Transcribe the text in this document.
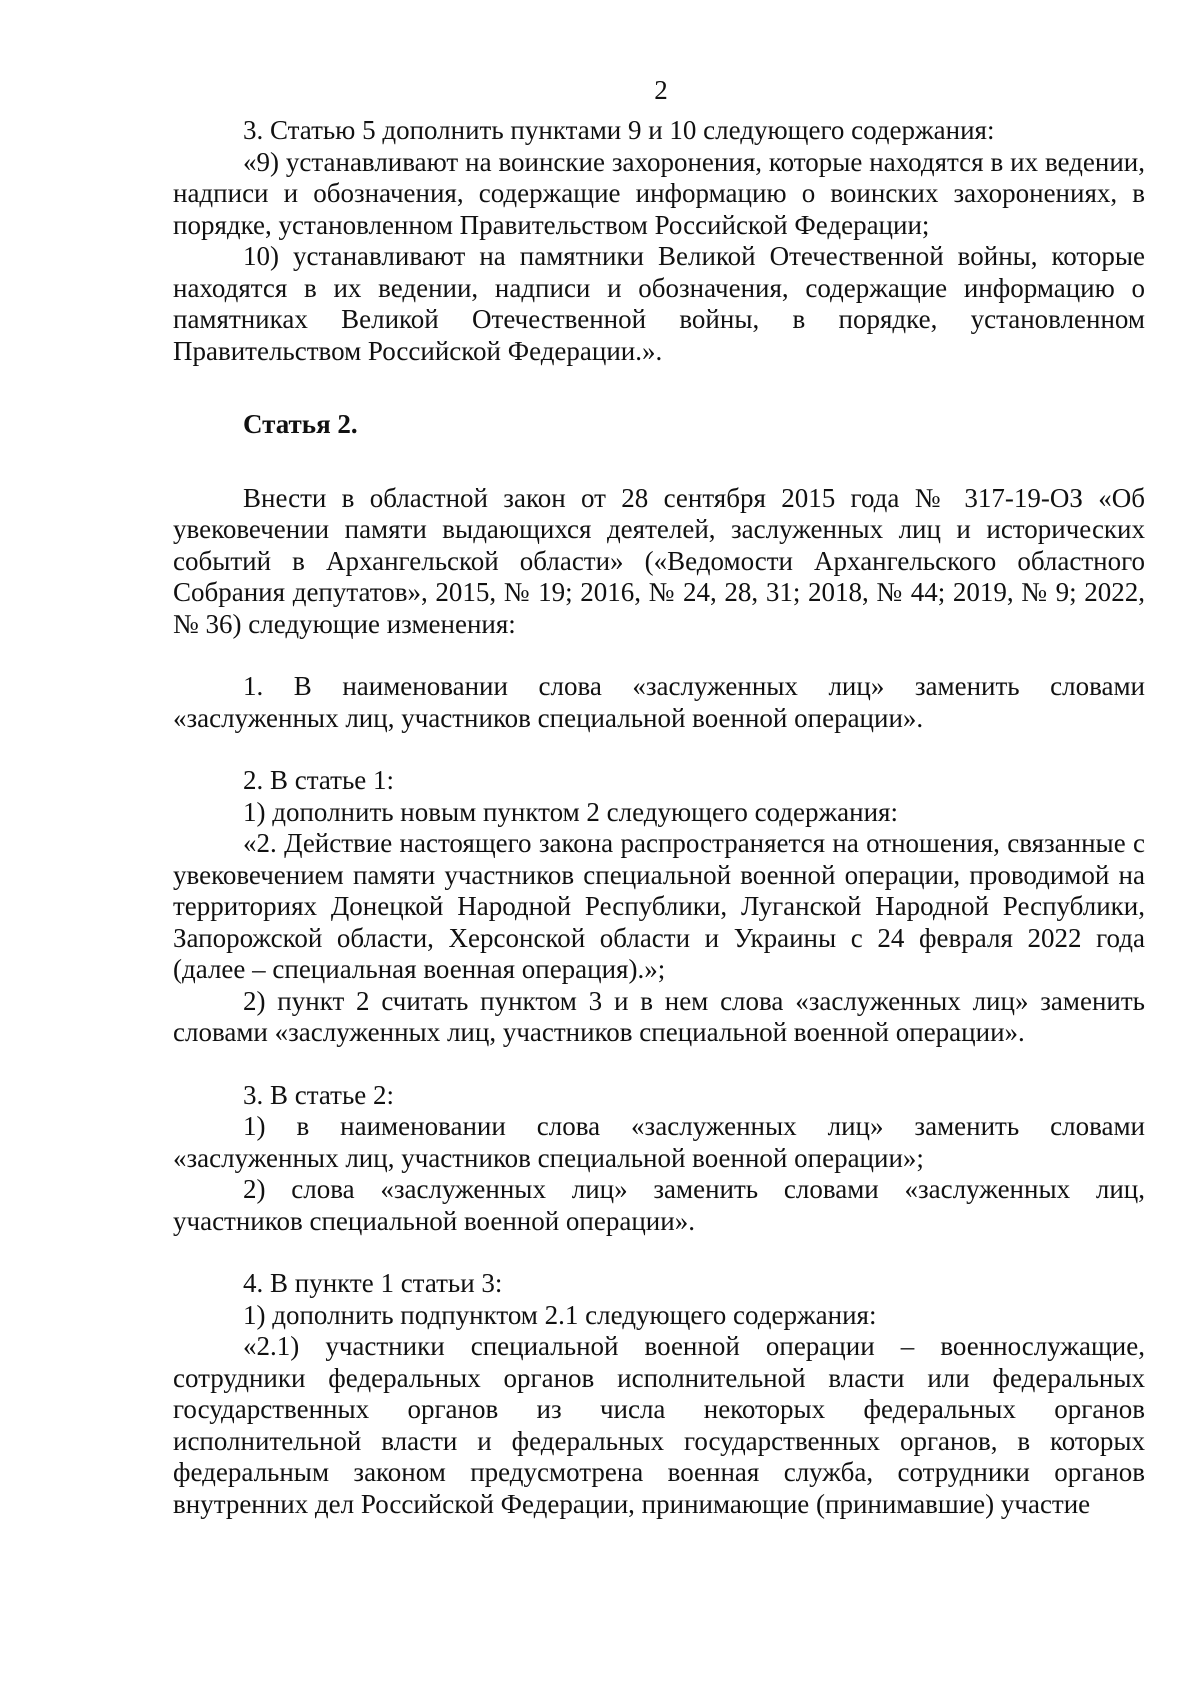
2

3. Статью 5 дополнить пунктами 9 и 10 следующего содержания:

«9) устанавливают на воинские захоронения, которые находятся в их ведении, надписи и обозначения, содержащие информацию о воинских захоронениях, в порядке, установленном Правительством Российской Федерации;

10) устанавливают на памятники Великой Отечественной войны, которые находятся в их ведении, надписи и обозначения, содержащие информацию о памятниках Великой Отечественной войны, в порядке, установленном Правительством Российской Федерации.».

Статья 2.

Внести в областной закон от 28 сентября 2015 года № 317-19-ОЗ «Об увековечении памяти выдающихся деятелей, заслуженных лиц и исторических событий в Архангельской области» («Ведомости Архангельского областного Собрания депутатов», 2015, № 19; 2016, № 24, 28, 31; 2018, № 44; 2019, № 9; 2022, № 36) следующие изменения:

1. В наименовании слова «заслуженных лиц» заменить словами «заслуженных лиц, участников специальной военной операции».

2. В статье 1:

1) дополнить новым пунктом 2 следующего содержания:

«2. Действие настоящего закона распространяется на отношения, связанные с увековечением памяти участников специальной военной операции, проводимой на территориях Донецкой Народной Республики, Луганской Народной Республики, Запорожской области, Херсонской области и Украины с 24 февраля 2022 года (далее – специальная военная операция).»;

2) пункт 2 считать пунктом 3 и в нем слова «заслуженных лиц» заменить словами «заслуженных лиц, участников специальной военной операции».

3. В статье 2:

1) в наименовании слова «заслуженных лиц» заменить словами «заслуженных лиц, участников специальной военной операции»;

2) слова «заслуженных лиц» заменить словами «заслуженных лиц, участников специальной военной операции».

4. В пункте 1 статьи 3:

1) дополнить подпунктом 2.1 следующего содержания:

«2.1) участники специальной военной операции – военнослужащие, сотрудники федеральных органов исполнительной власти или федеральных государственных органов из числа некоторых федеральных органов исполнительной власти и федеральных государственных органов, в которых федеральным законом предусмотрена военная служба, сотрудники органов внутренних дел Российской Федерации, принимающие (принимавшие) участие
